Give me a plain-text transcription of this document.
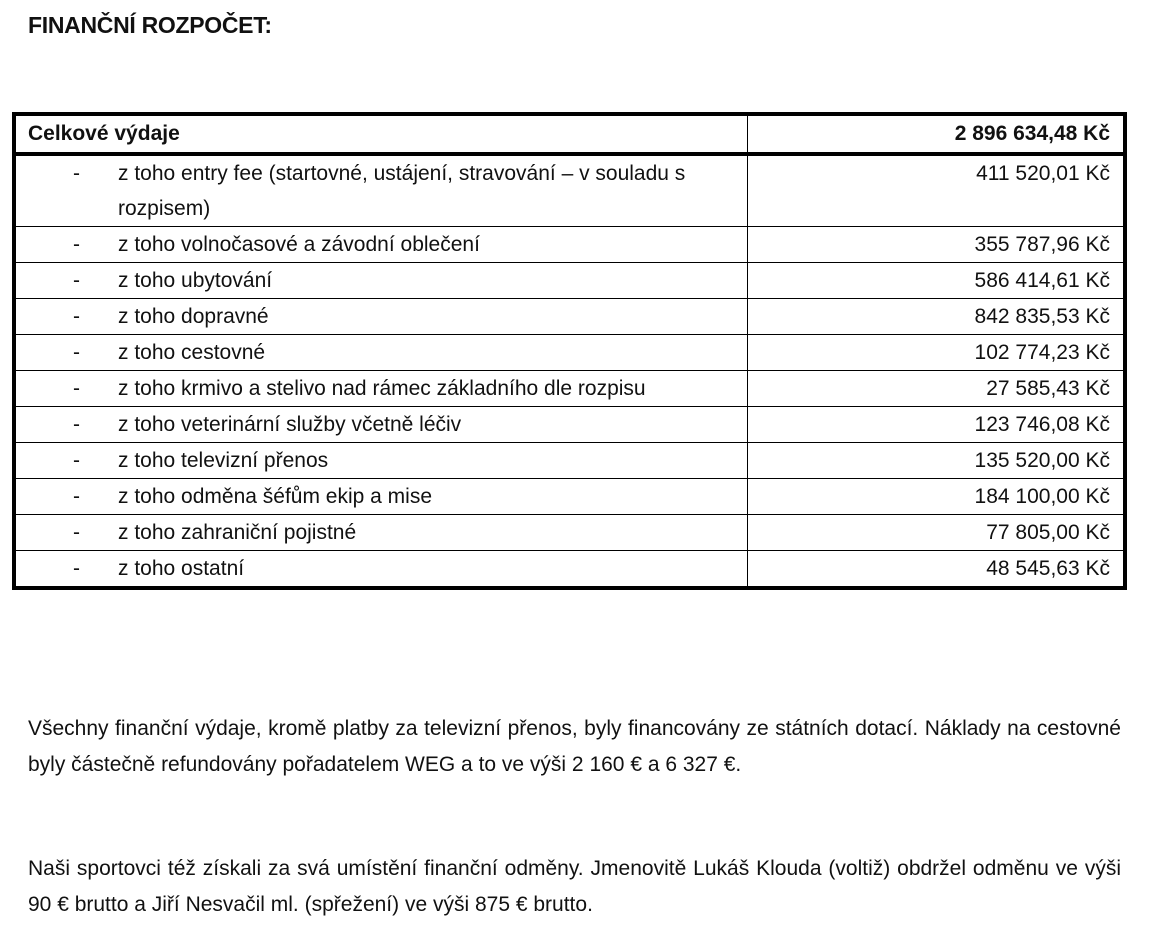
FINANČNÍ ROZPOČET:
Celkové výdaje	2 896 634,48 Kč

- z toho entry fee (startovné, ustájení, stravování – v souladu s rozpisem)	411 520,01 Kč

- z toho volnočasové a závodní oblečení	355 787,96 Kč

- z toho ubytování	586 414,61 Kč

- z toho dopravné	842 835,53 Kč

- z toho cestovné	102 774,23 Kč

- z toho krmivo a stelivo nad rámec základního dle rozpisu	27 585,43 Kč

- z toho veterinární služby včetně léčiv	123 746,08 Kč

- z toho televizní přenos	135 520,00 Kč

- z toho odměna šéfům ekip a mise	184 100,00 Kč

- z toho zahraniční pojistné	77 805,00 Kč

- z toho ostatní	48 545,63 Kč

Všechny finanční výdaje, kromě platby za televizní přenos, byly financovány ze státních dotací. Náklady na cestovné byly částečně refundovány pořadatelem WEG a to ve výši 2 160 € a 6 327 €.

Naši sportovci též získali za svá umístění finanční odměny. Jmenovitě Lukáš Klouda (voltiž) obdržel odměnu ve výši 90 € brutto a Jiří Nesvačil ml. (spřežení) ve výši 875 € brutto.
